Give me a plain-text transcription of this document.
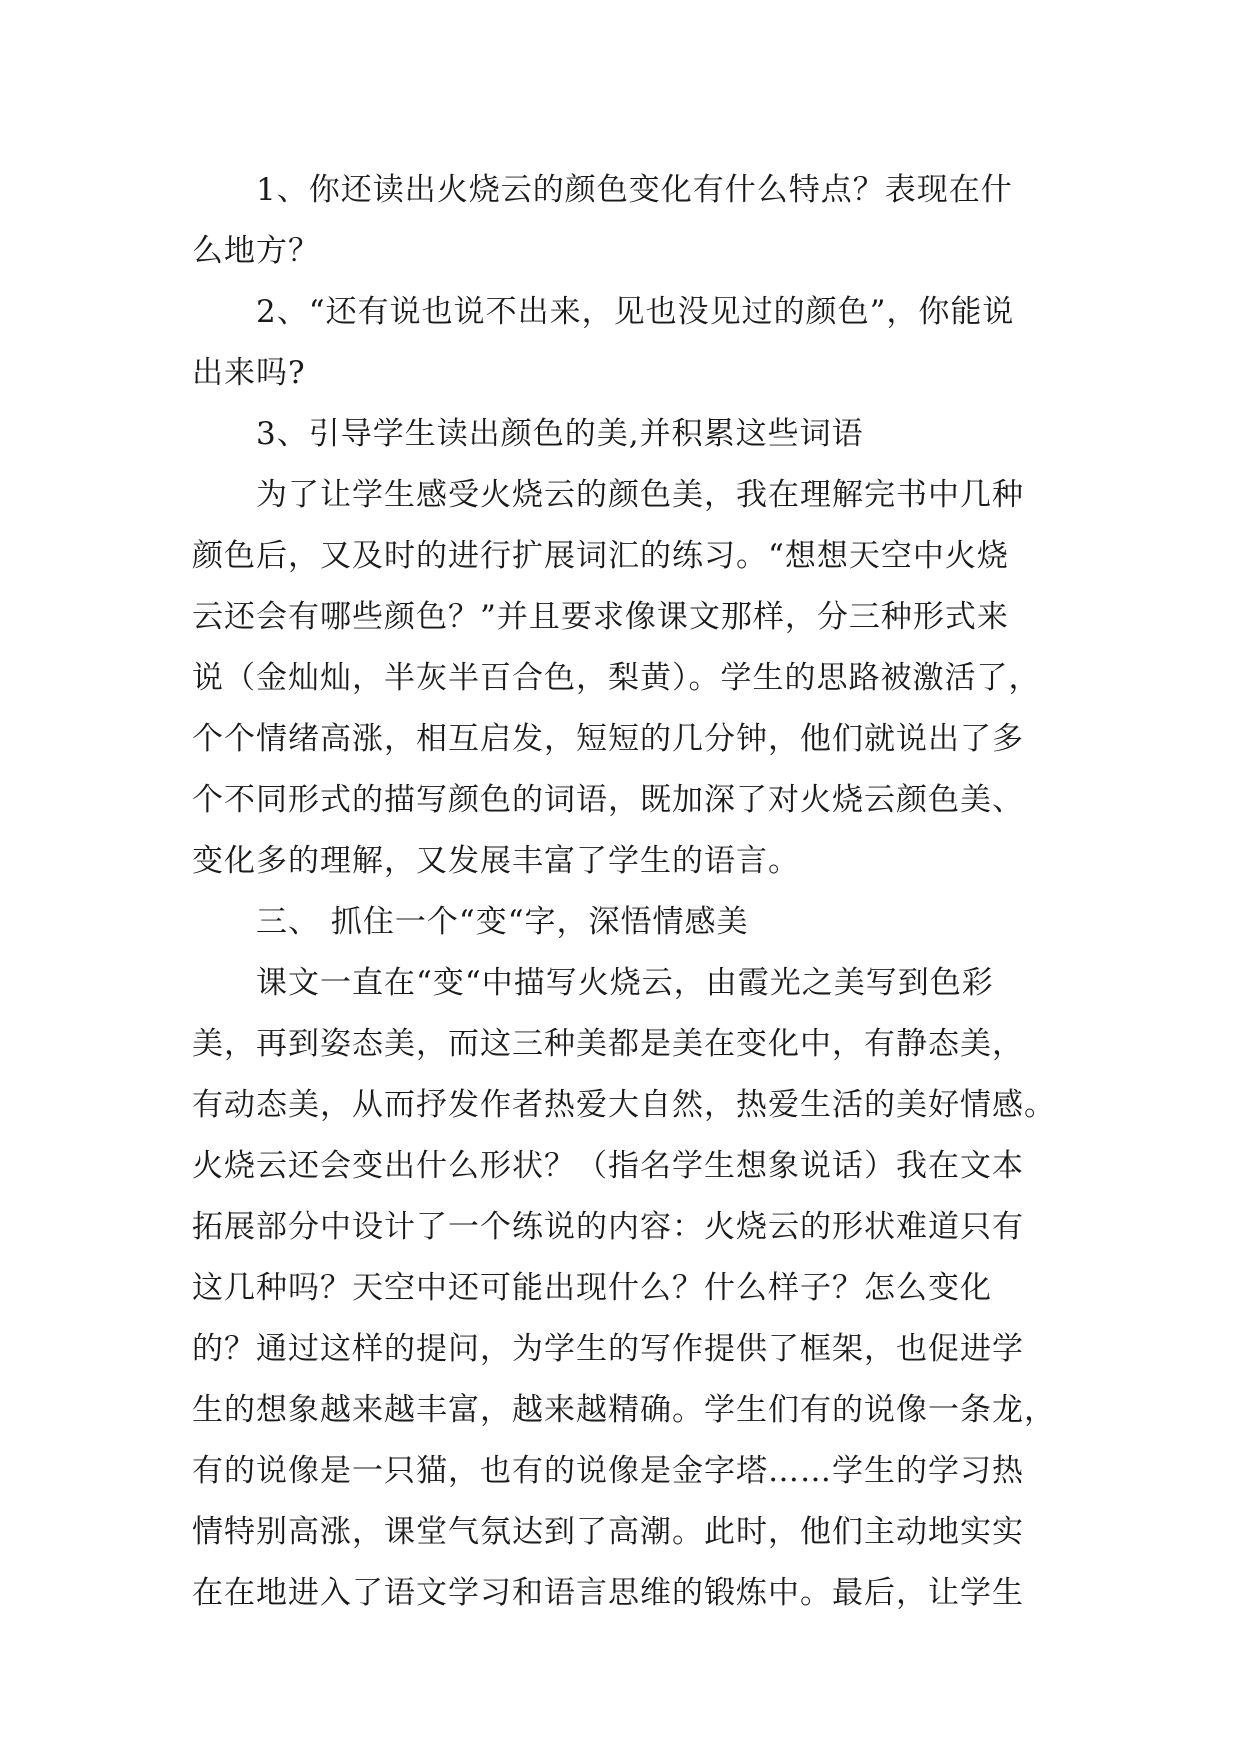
1、你还读出火烧云的颜色变化有什么特点？表现在什
么地方？
2、“还有说也说不出来，见也没见过的颜色”，你能说
出来吗?
3、引导学生读出颜色的美,并积累这些词语
为了让学生感受火烧云的颜色美，我在理解完书中几种
颜色后，又及时的进行扩展词汇的练习。“想想天空中火烧
云还会有哪些颜色？”并且要求像课文那样，分三种形式来
说（金灿灿，半灰半百合色，梨黄）。学生的思路被激活了，
个个情绪高涨，相互启发，短短的几分钟，他们就说出了多
个不同形式的描写颜色的词语，既加深了对火烧云颜色美、
变化多的理解，又发展丰富了学生的语言。
三、 抓住一个“变“字，深悟情感美
课文一直在“变“中描写火烧云，由霞光之美写到色彩
美，再到姿态美，而这三种美都是美在变化中，有静态美，
有动态美，从而抒发作者热爱大自然，热爱生活的美好情感。
火烧云还会变出什么形状？（指名学生想象说话）我在文本
拓展部分中设计了一个练说的内容：火烧云的形状难道只有
这几种吗？天空中还可能出现什么？什么样子？怎么变化
的？通过这样的提问，为学生的写作提供了框架，也促进学
生的想象越来越丰富，越来越精确。学生们有的说像一条龙，
有的说像是一只猫，也有的说像是金字塔……学生的学习热
情特别高涨，课堂气氛达到了高潮。此时，他们主动地实实
在在地进入了语文学习和语言思维的锻炼中。最后，让学生
